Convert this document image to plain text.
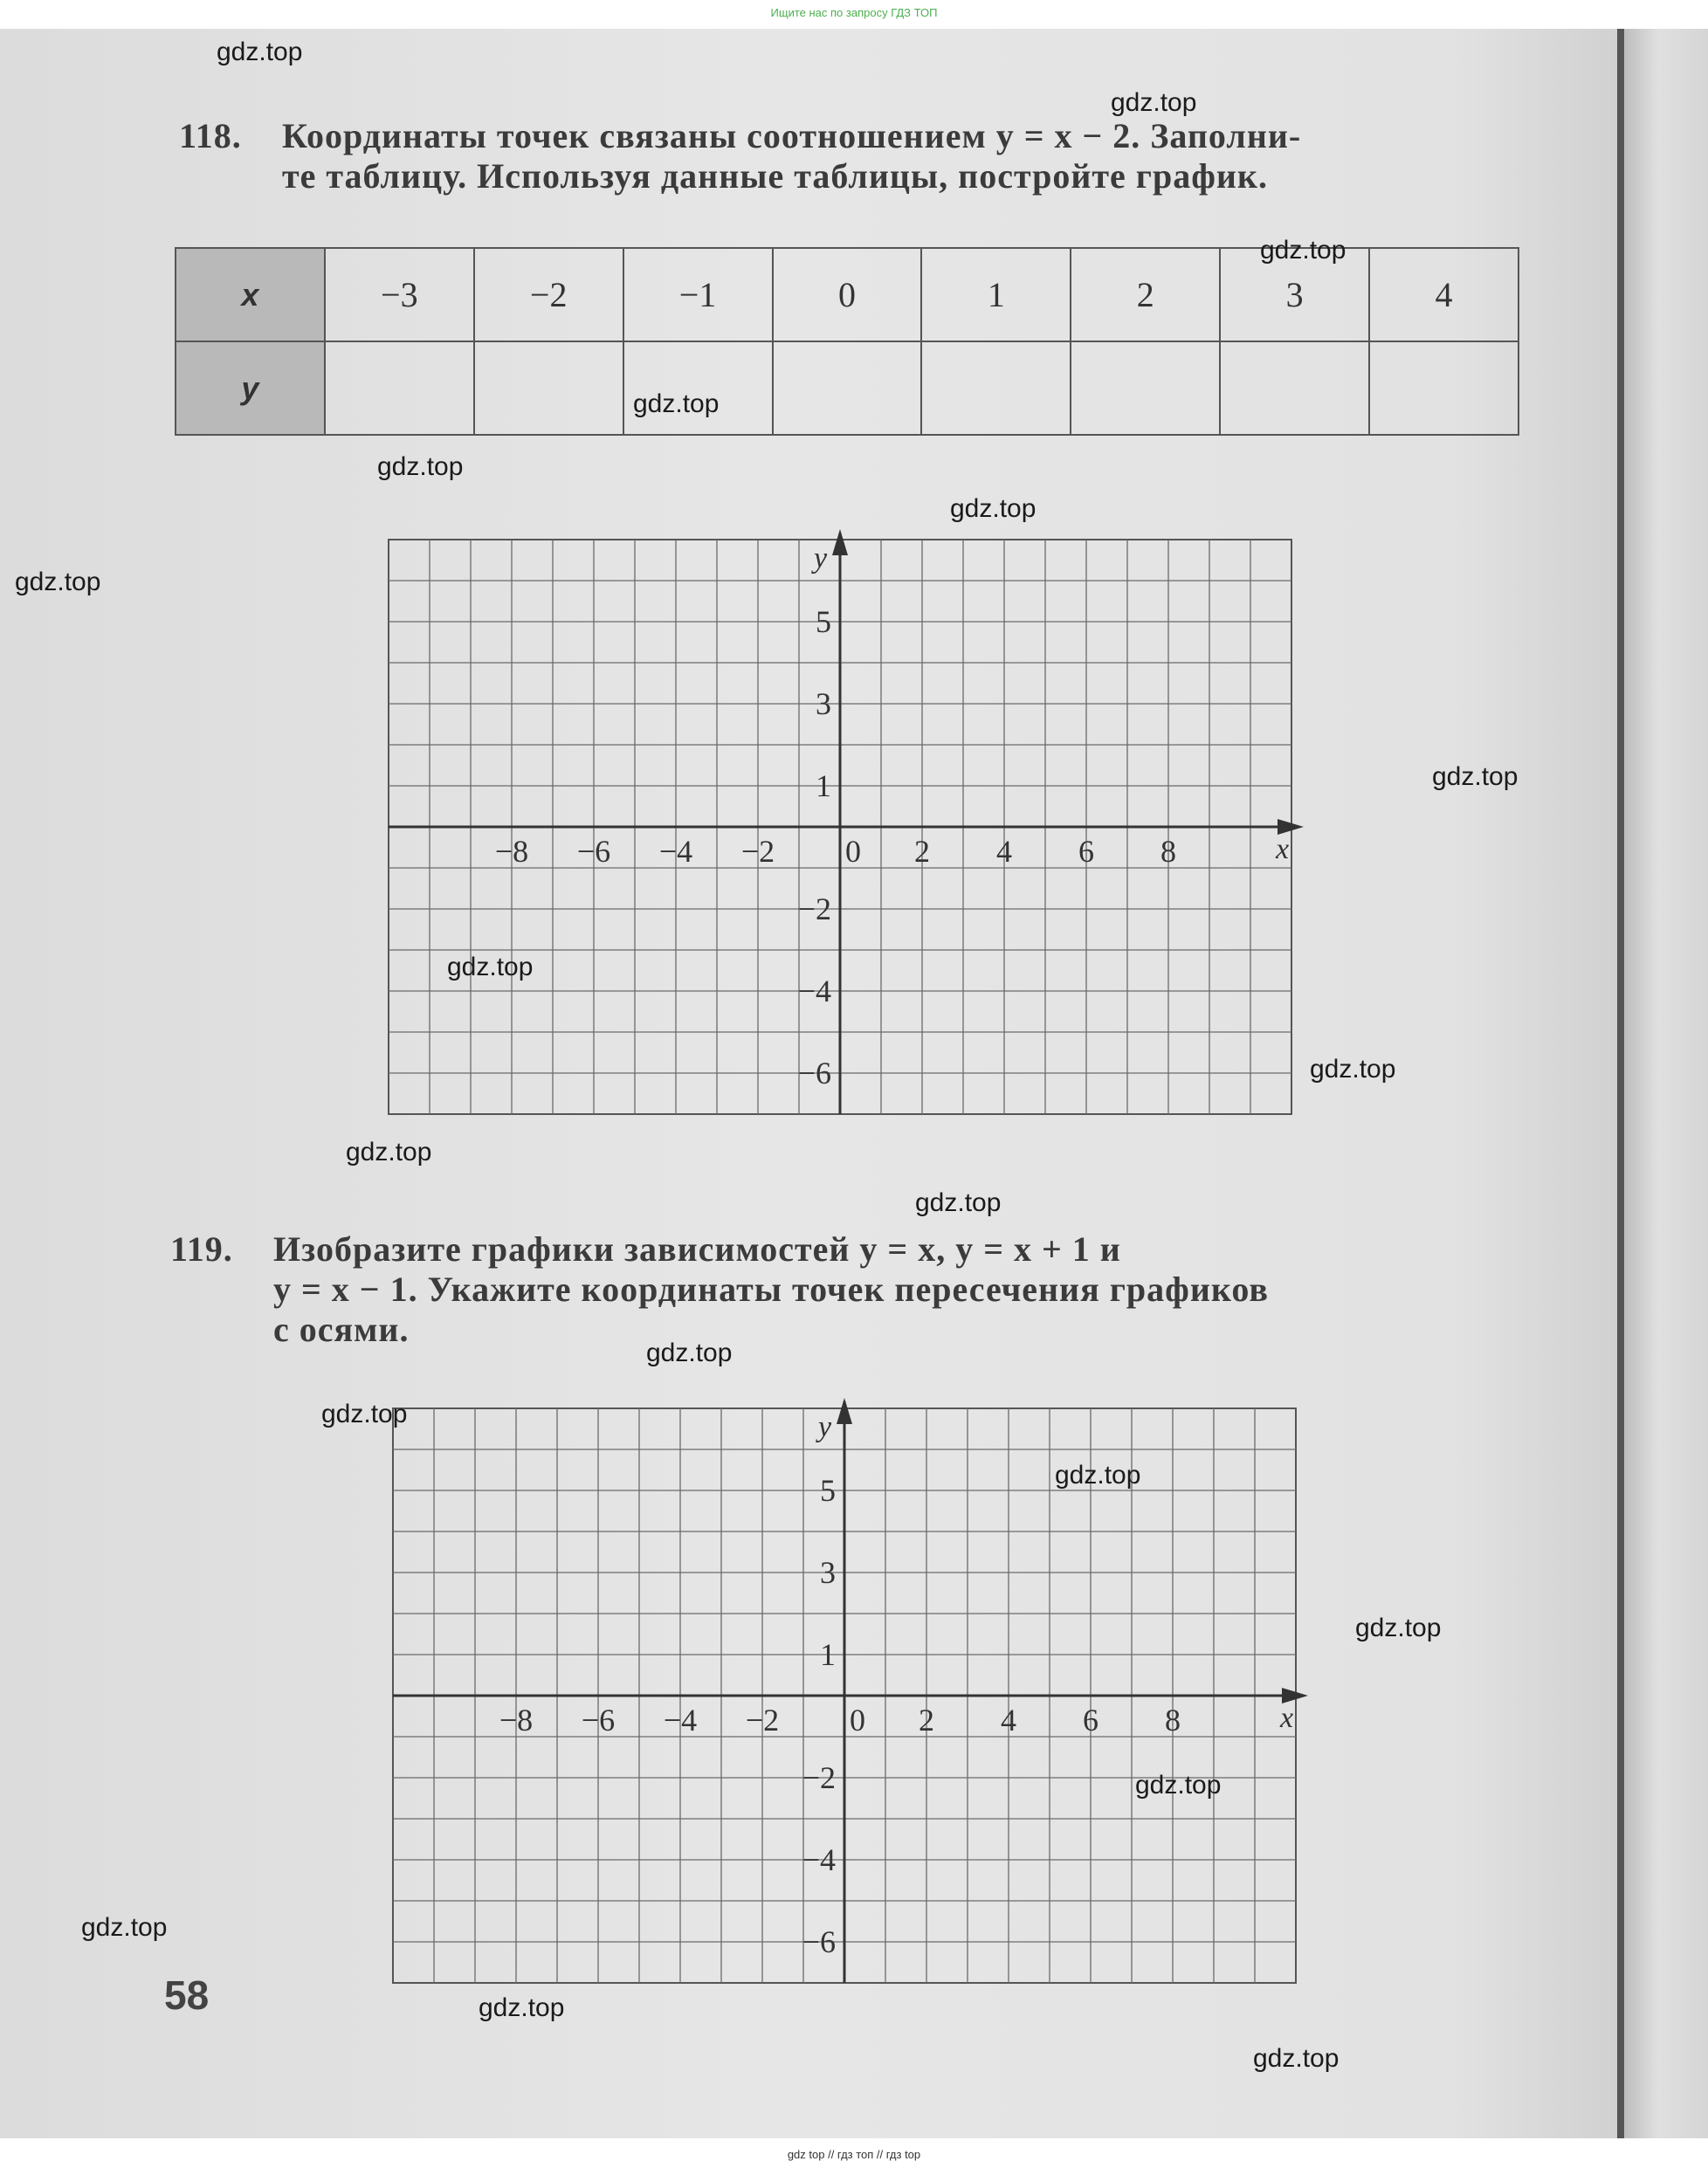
Ищите нас по запросу ГДЗ ТОП
118. Координаты точек связаны соотношением y = x − 2. Заполни-
те таблицу. Используя данные таблицы, постройте график.
x	−3	−2	−1	0	1	2	3	4
y								
x
y
0
−8 −6 −4 −2	2 4 6 8
5
3
1
−2
−4
−6
119. Изобразите графики зависимостей y = x, y = x + 1 и
y = x − 1. Укажите координаты точек пересечения графиков
с осями.
x
y
0
−8 −6 −4 −2	2 4 6 8
5
3
1
−2
−4
−6
58
gdz.top
gdz.top
gdz.top
gdz.top
gdz.top
gdz.top
gdz.top
gdz.top
gdz.top
gdz.top
gdz.top
gdz.top
gdz.top
gdz.top
gdz.top
gdz.top
gdz.top
gdz.top
gdz.top
gdz.top
gdz top // гдз топ // гдз top
